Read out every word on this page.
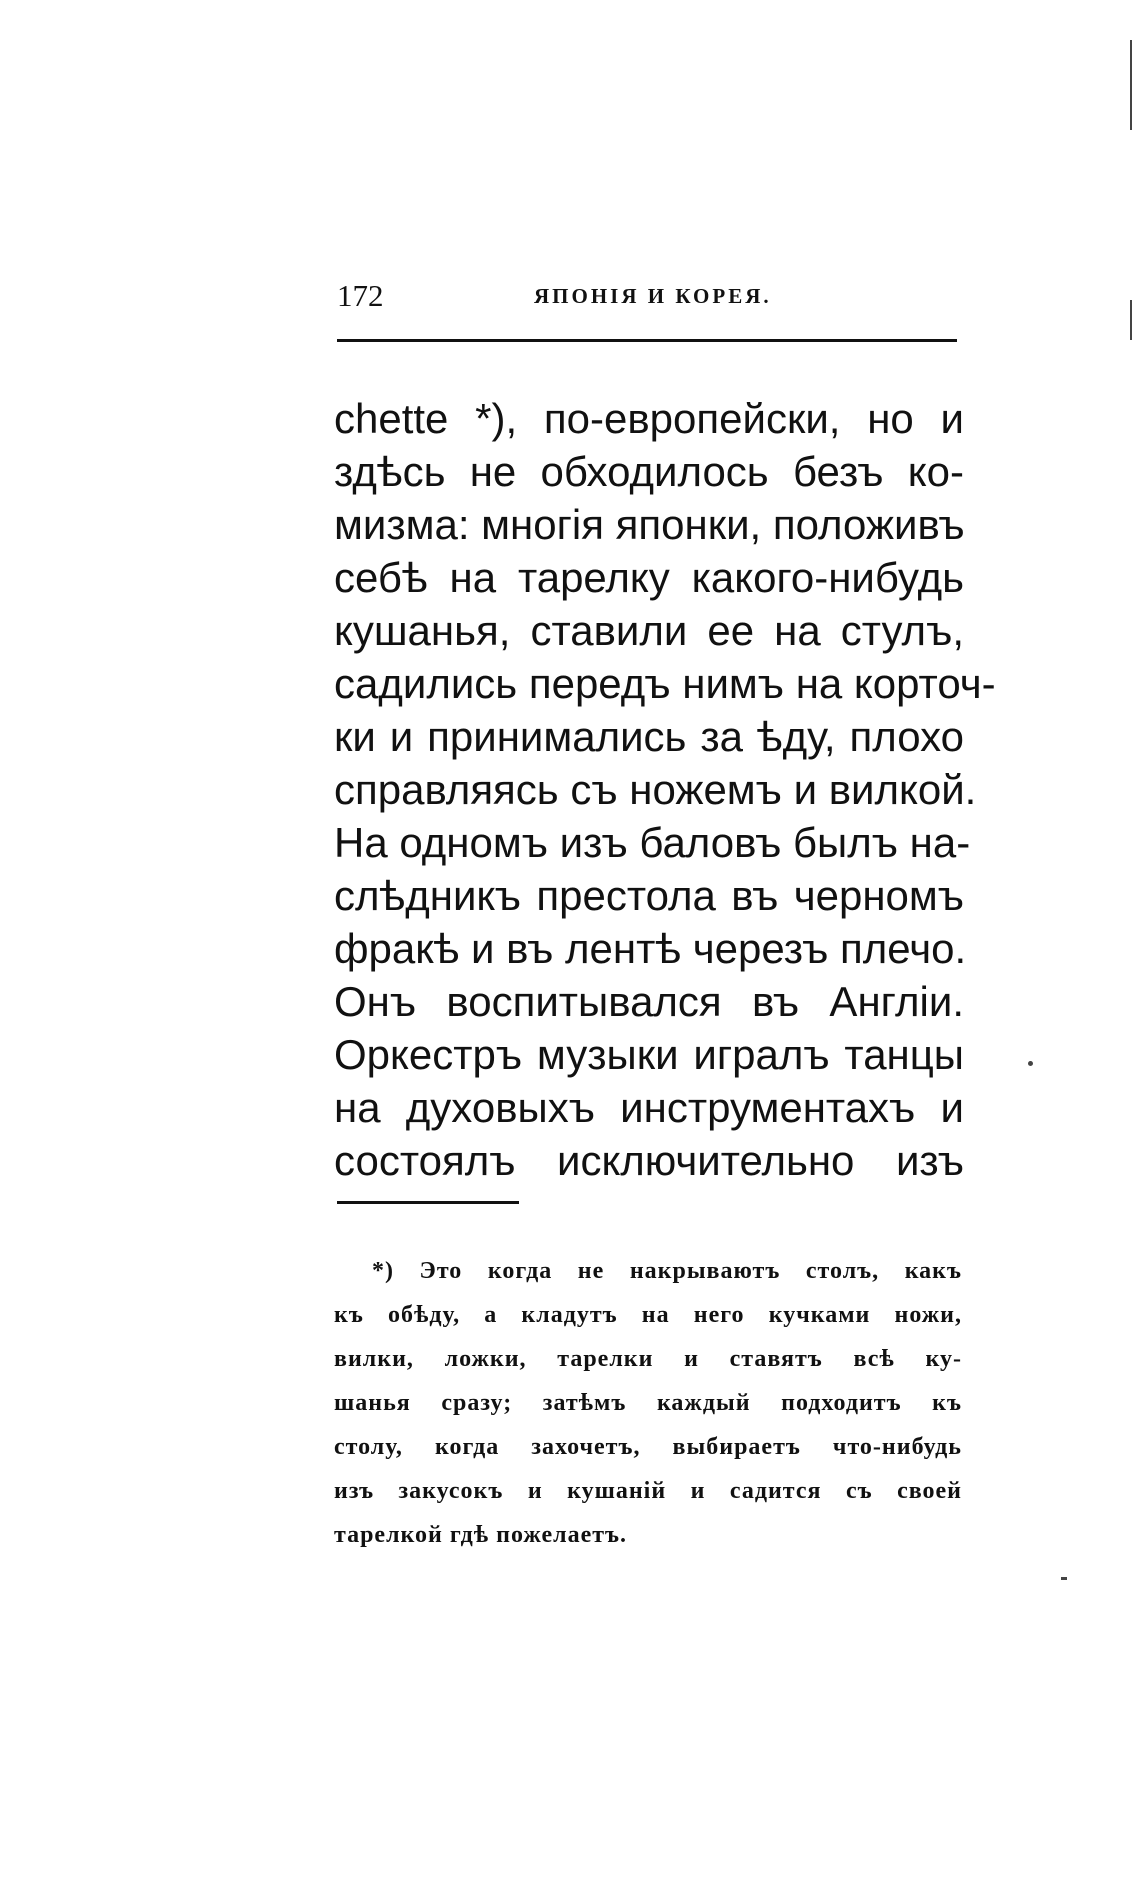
172	ЯПОНІЯ И КОРЕЯ.
chette *), по-европейски, но и
здѣсь не обходилось безъ ко-
мизма: многія японки, положивъ
себѣ на тарелку какого-нибудь
кушанья, ставили ее на стулъ,
садились передъ нимъ на корточ-
ки и принимались за ѣду, плохо
справляясь съ ножемъ и вилкой.
На одномъ изъ баловъ былъ на-
слѣдникъ престола въ черномъ
фракѣ и въ лентѣ черезъ плечо.
Онъ воспитывался въ Англіи.
Оркестръ музыки игралъ танцы
на духовыхъ инструментахъ и
состоялъ исключительно изъ
*) Это когда не накрываютъ столъ, какъ
къ обѣду, а кладутъ на него кучками ножи,
вилки, ложки, тарелки и ставятъ всѣ ку-
шанья сразу; затѣмъ каждый подходитъ къ
столу, когда захочетъ, выбираетъ что-нибудь
изъ закусокъ и кушаній и садится съ своей
тарелкой гдѣ пожелаетъ.
